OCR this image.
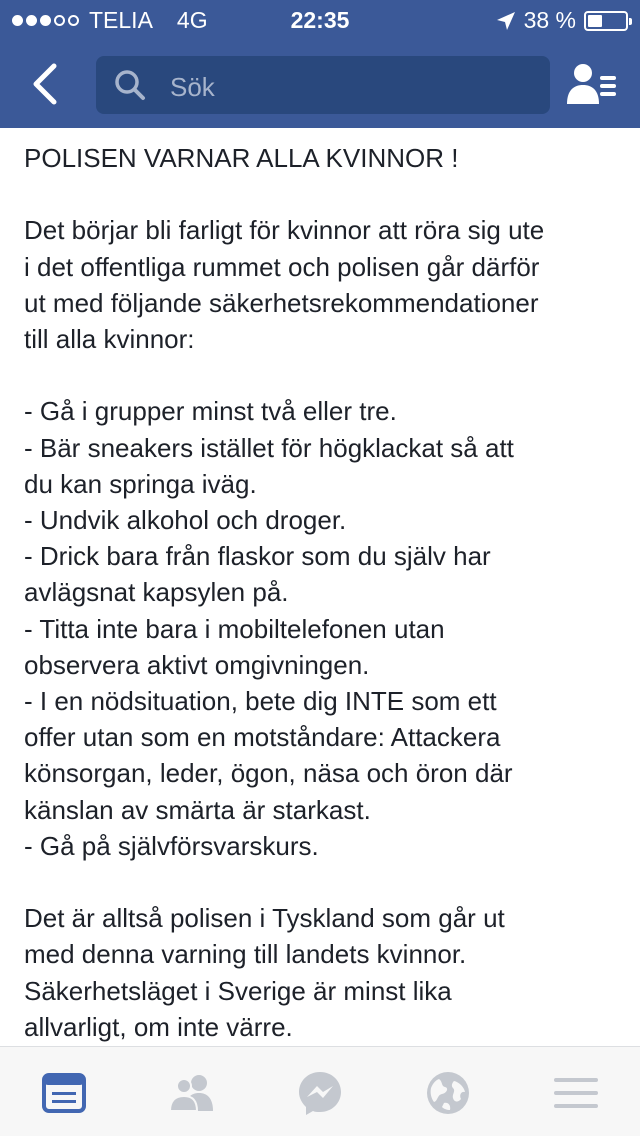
TELIA 4G	22:35	38 %
Sök

POLISEN VARNAR ALLA KVINNOR !

Det börjar bli farligt för kvinnor att röra sig ute

i det offentliga rummet och polisen går därför

ut med följande säkerhetsrekommendationer

till alla kvinnor:

- Gå i grupper minst två eller tre.

- Bär sneakers istället för högklackat så att

du kan springa iväg.

- Undvik alkohol och droger.

- Drick bara från flaskor som du själv har

avlägsnat kapsylen på.

- Titta inte bara i mobiltelefonen utan

observera aktivt omgivningen.

- I en nödsituation, bete dig INTE som ett

offer utan som en motståndare: Attackera

könsorgan, leder, ögon, näsa och öron där

känslan av smärta är starkast.

- Gå på självförsvarskurs.

Det är alltså polisen i Tyskland som går ut

med denna varning till landets kvinnor.

Säkerhetsläget i Sverige är minst lika

allvarligt, om inte värre.
